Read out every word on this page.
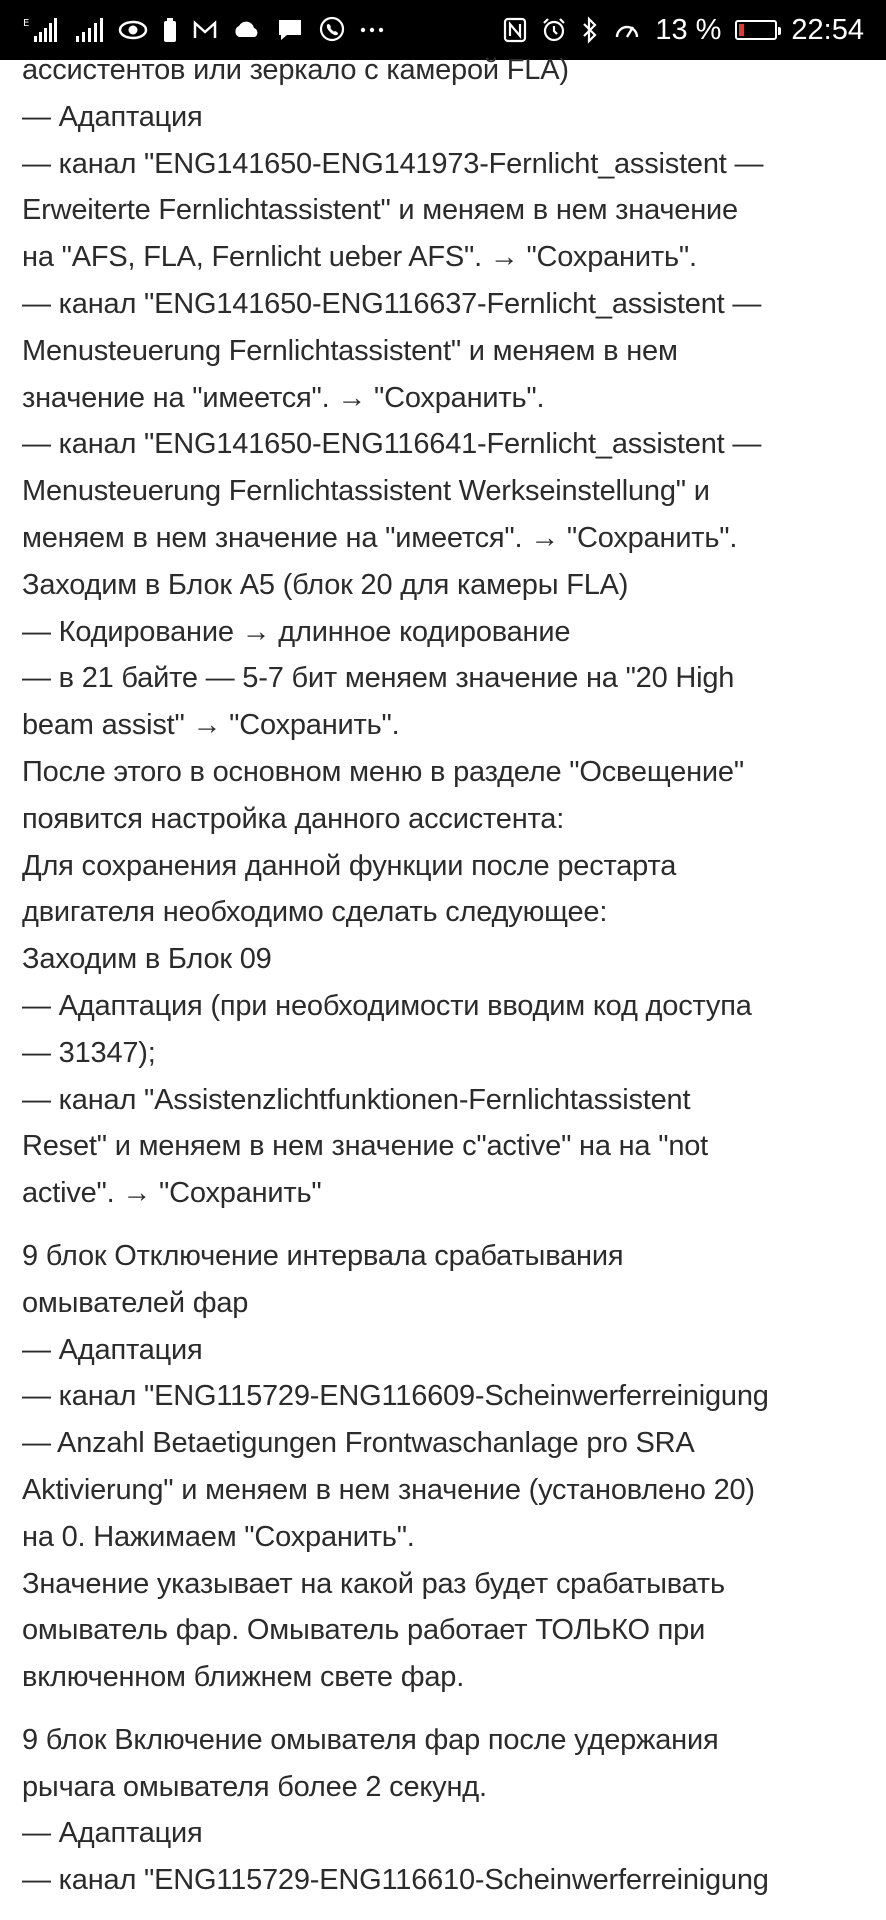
E	13 % 22:54
ассистентов или зеркало с камерой FLA)
— Адаптация
— канал "ENG141650-ENG141973-Fernlicht_assistent —
Erweiterte Fernlichtassistent" и меняем в нем значение
на "AFS, FLA, Fernlicht ueber AFS". → "Сохранить".
— канал "ENG141650-ENG116637-Fernlicht_assistent —
Menusteuerung Fernlichtassistent" и меняем в нем
значение на "имеется". → "Сохранить".
— канал "ENG141650-ENG116641-Fernlicht_assistent —
Menusteuerung Fernlichtassistent Werkseinstellung" и
меняем в нем значение на "имеется". → "Сохранить".
Заходим в Блок A5 (блок 20 для камеры FLA)
— Кодирование → длинное кодирование
— в 21 байте — 5-7 бит меняем значение на "20 High
beam assist" → "Сохранить".
После этого в основном меню в разделе "Освещение"
появится настройка данного ассистента:
Для сохранения данной функции после рестарта
двигателя необходимо сделать следующее:
Заходим в Блок 09
— Адаптация (при необходимости вводим код доступа
— 31347);
— канал "Assistenzlichtfunktionen-Fernlichtassistent
Reset" и меняем в нем значение с"active" на на "not
active". → "Сохранить"
9 блок Отключение интервала срабатывания
омывателей фар
— Адаптация
— канал "ENG115729-ENG116609-Scheinwerferreinigung
— Anzahl Betaetigungen Frontwaschanlage pro SRA
Aktivierung" и меняем в нем значение (установлено 20)
на 0. Нажимаем "Сохранить".
Значение указывает на какой раз будет срабатывать
омыватель фар. Омыватель работает ТОЛЬКО при
включенном ближнем свете фар.
9 блок Включение омывателя фар после удержания
рычага омывателя более 2 секунд.
— Адаптация
— канал "ENG115729-ENG116610-Scheinwerferreinigung
